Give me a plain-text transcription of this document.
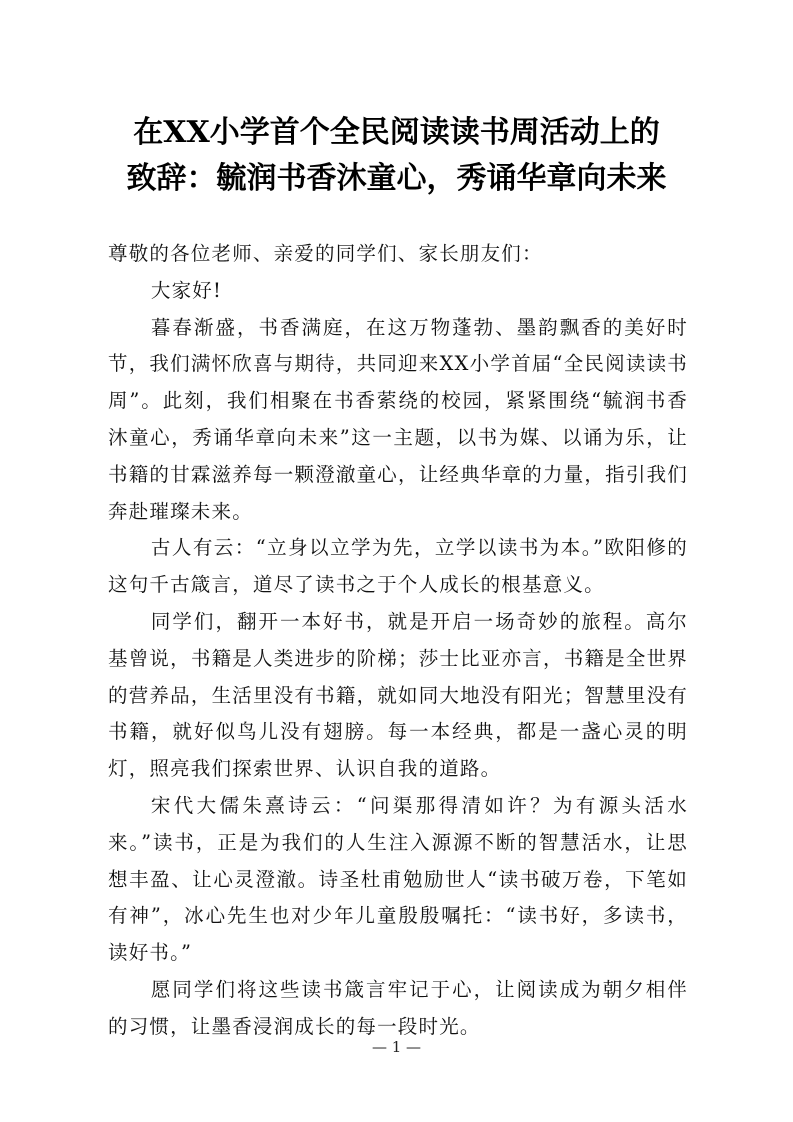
在XX小学首个全民阅读读书周活动上的
致辞：毓润书香沐童心，秀诵华章向未来

尊敬的各位老师、亲爱的同学们、家长朋友们：

大家好!

暮春渐盛，书香满庭，在这万物蓬勃、墨韵飘香的美好时节，我们满怀欣喜与期待，共同迎来XX小学首届“全民阅读读书周”。此刻，我们相聚在书香萦绕的校园，紧紧围绕“毓润书香沐童心，秀诵华章向未来”这一主题，以书为媒、以诵为乐，让书籍的甘霖滋养每一颗澄澈童心，让经典华章的力量，指引我们奔赴璀璨未来。

古人有云：“立身以立学为先，立学以读书为本。”欧阳修的这句千古箴言，道尽了读书之于个人成长的根基意义。

同学们，翻开一本好书，就是开启一场奇妙的旅程。高尔基曾说，书籍是人类进步的阶梯；莎士比亚亦言，书籍是全世界的营养品，生活里没有书籍，就如同大地没有阳光；智慧里没有书籍，就好似鸟儿没有翅膀。每一本经典，都是一盏心灵的明灯，照亮我们探索世界、认识自我的道路。

宋代大儒朱熹诗云：“问渠那得清如许？为有源头活水来。”读书，正是为我们的人生注入源源不断的智慧活水，让思想丰盈、让心灵澄澈。诗圣杜甫勉励世人“读书破万卷，下笔如有神”，冰心先生也对少年儿童殷殷嘱托：“读书好，多读书，读好书。”

愿同学们将这些读书箴言牢记于心，让阅读成为朝夕相伴的习惯，让墨香浸润成长的每一段时光。

— 1 —
